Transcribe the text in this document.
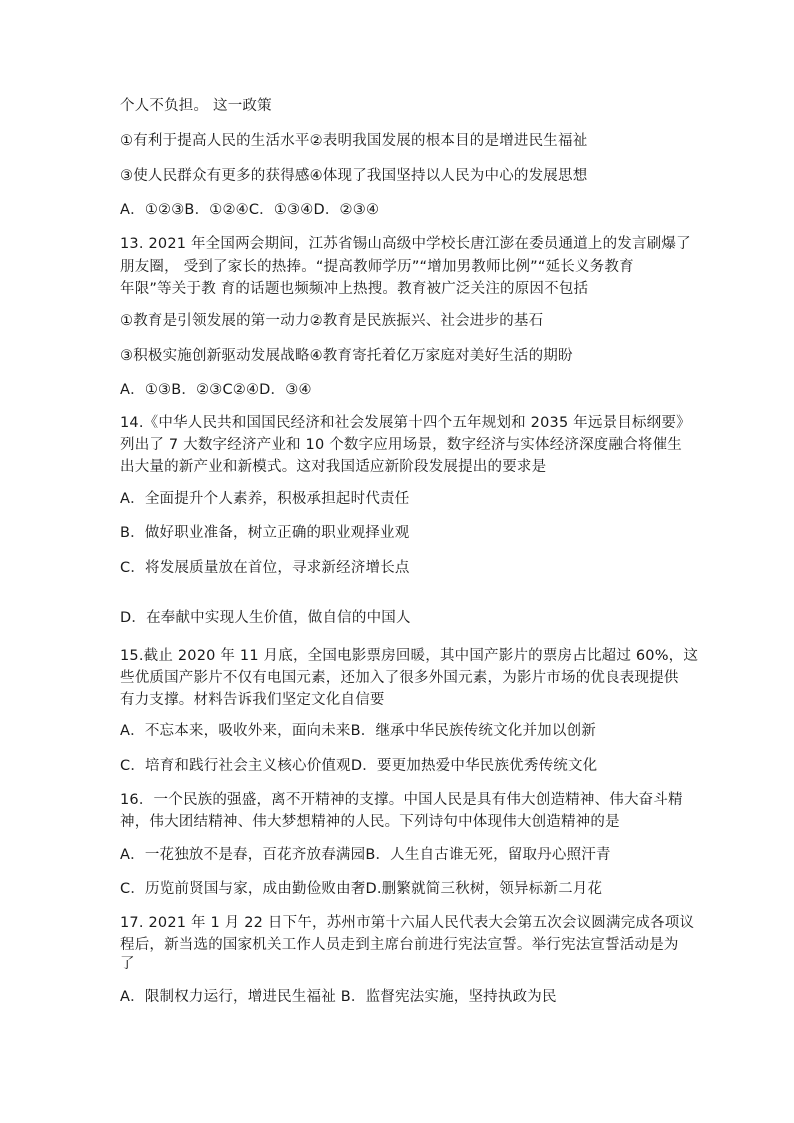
个人不负担。 这一政策

①有利于提高人民的生活水平②表明我国发展的根本目的是增进民生福祉

③使人民群众有更多的获得感④体现了我国坚持以人民为中心的发展思想

A．①②③B．①②④C．①③④D．②③④

13. 2021 年全国两会期间，江苏省锡山高级中学校长唐江澎在委员通道上的发言刷爆了

朋友圈， 受到了家长的热捧。“提高教师学历”“增加男教师比例”“延长义务教育

年限”等关于教 育的话题也频频冲上热搜。教育被广泛关注的原因不包括

①教育是引领发展的第一动力②教育是民族振兴、社会进步的基石

③积极实施创新驱动发展战略④教育寄托着亿万家庭对美好生活的期盼

A．①③B．②③C②④D．③④

14.《中华人民共和国国民经济和社会发展第十四个五年规划和 2035 年远景目标纲要》

列出了 7 大数字经济产业和 10 个数字应用场景，数字经济与实体经济深度融合将催生

出大量的新产业和新模式。这对我国适应新阶段发展提出的要求是

A．全面提升个人素养，积极承担起时代责任

B．做好职业准备，树立正确的职业观择业观

C．将发展质量放在首位，寻求新经济增长点

D．在奉献中实现人生价值，做自信的中国人

15.截止 2020 年 11 月底，全国电影票房回暖，其中国产影片的票房占比超过 60%，这

些优质国产影片不仅有电国元素，还加入了很多外国元素，为影片市场的优良表现提供

有力支撑。材料告诉我们坚定文化自信要

A．不忘本来，吸收外来，面向未来B．继承中华民族传统文化并加以创新

C．培育和践行社会主义核心价值观D．要更加热爱中华民族优秀传统文化

16．一个民族的强盛，离不开精神的支撑。中国人民是具有伟大创造精神、伟大奋斗精

神，伟大团结精神、伟大梦想精神的人民。下列诗句中体现伟大创造精神的是

A．一花独放不是春，百花齐放春满园B．人生自古谁无死，留取丹心照汗青

C．历览前贤国与家，成由勤俭败由奢D.删繁就简三秋树，领异标新二月花

17. 2021 年 1 月 22 日下午，苏州市第十六届人民代表大会第五次会议圆满完成各项议

程后，新当选的国家机关工作人员走到主席台前进行宪法宣誓。举行宪法宣誓活动是为

了

A．限制权力运行，增进民生福祉 B．监督宪法实施，坚持执政为民
